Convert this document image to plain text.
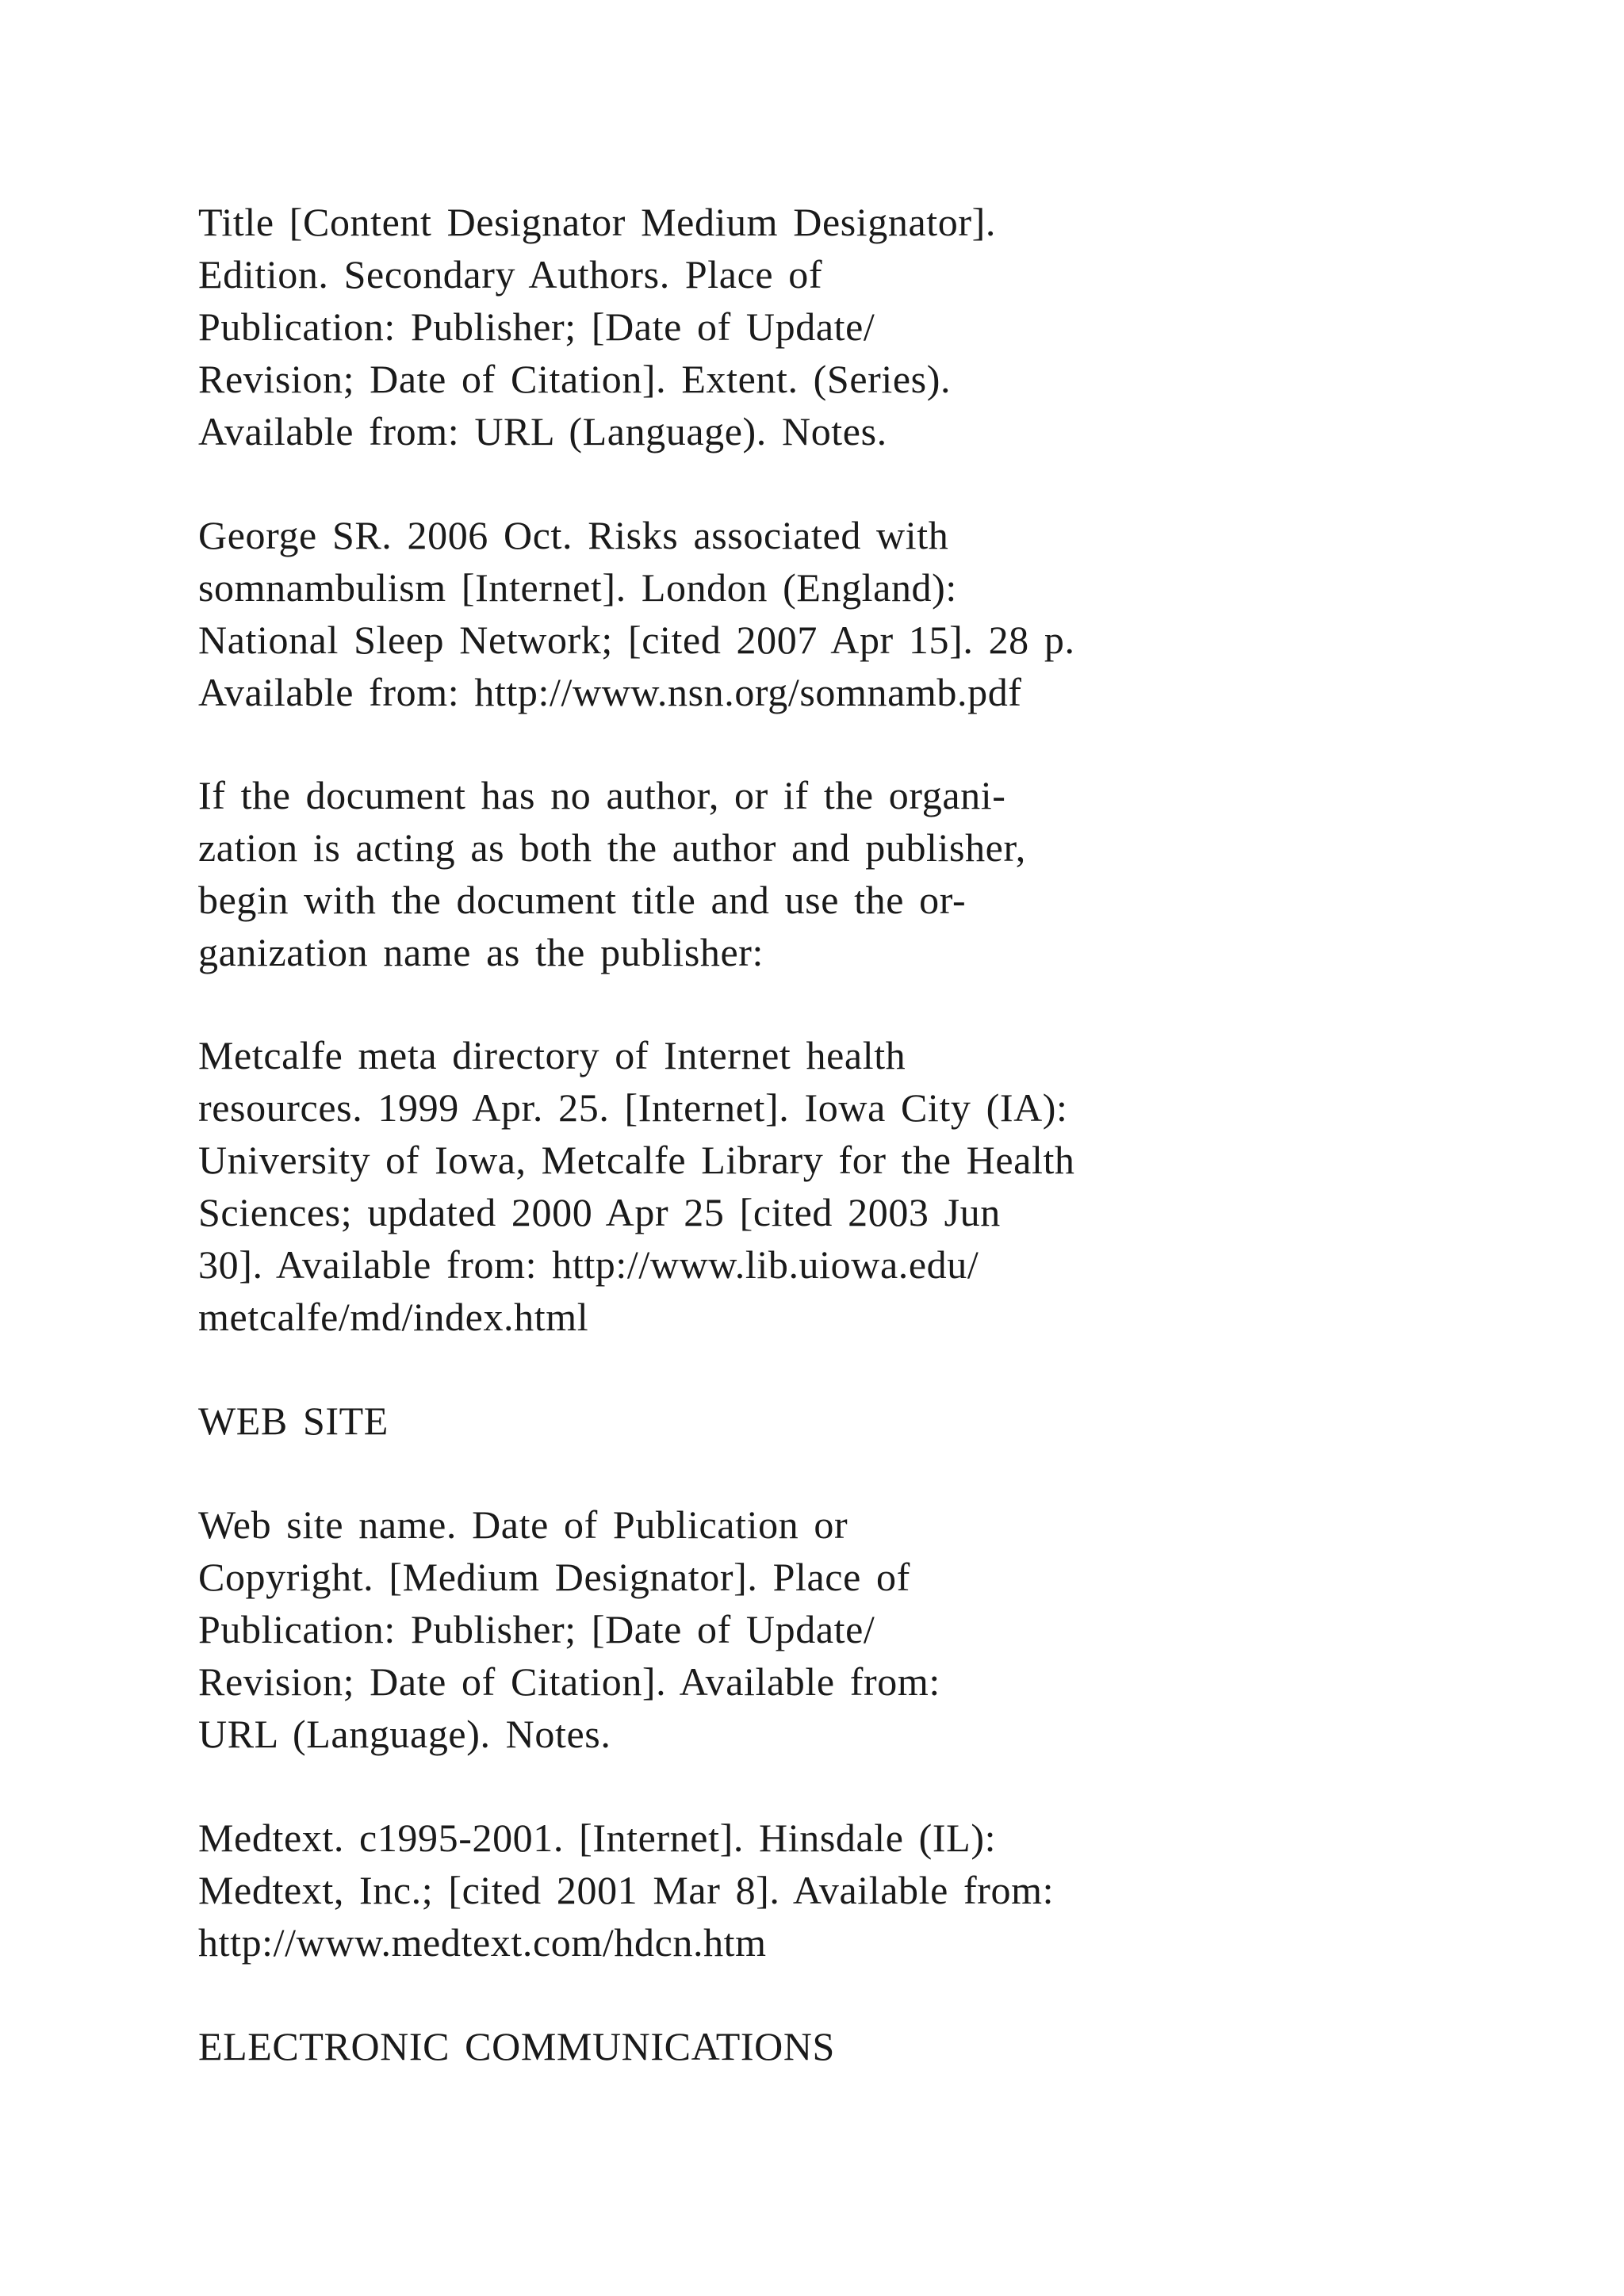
Title [Content Designator Medium Designator].
Edition. Secondary Authors. Place of
Publication: Publisher; [Date of Update/
Revision; Date of Citation]. Extent. (Series).
Available from: URL (Language). Notes.

George SR. 2006 Oct. Risks associated with
somnambulism [Internet]. London (England):
National Sleep Network; [cited 2007 Apr 15]. 28 p.
Available from: http://www.nsn.org/somnamb.pdf

If the document has no author, or if the organi-
zation is acting as both the author and publisher,
begin with the document title and use the or-
ganization name as the publisher:

Metcalfe meta directory of Internet health
resources. 1999 Apr. 25. [Internet]. Iowa City (IA):
University of Iowa, Metcalfe Library for the Health
Sciences; updated 2000 Apr 25 [cited 2003 Jun
30]. Available from: http://www.lib.uiowa.edu/
metcalfe/md/index.html

WEB SITE

Web site name. Date of Publication or
Copyright. [Medium Designator]. Place of
Publication: Publisher; [Date of Update/
Revision; Date of Citation]. Available from:
URL (Language). Notes.

Medtext. c1995-2001. [Internet]. Hinsdale (IL):
Medtext, Inc.; [cited 2001 Mar 8]. Available from:
http://www.medtext.com/hdcn.htm

ELECTRONIC COMMUNICATIONS
